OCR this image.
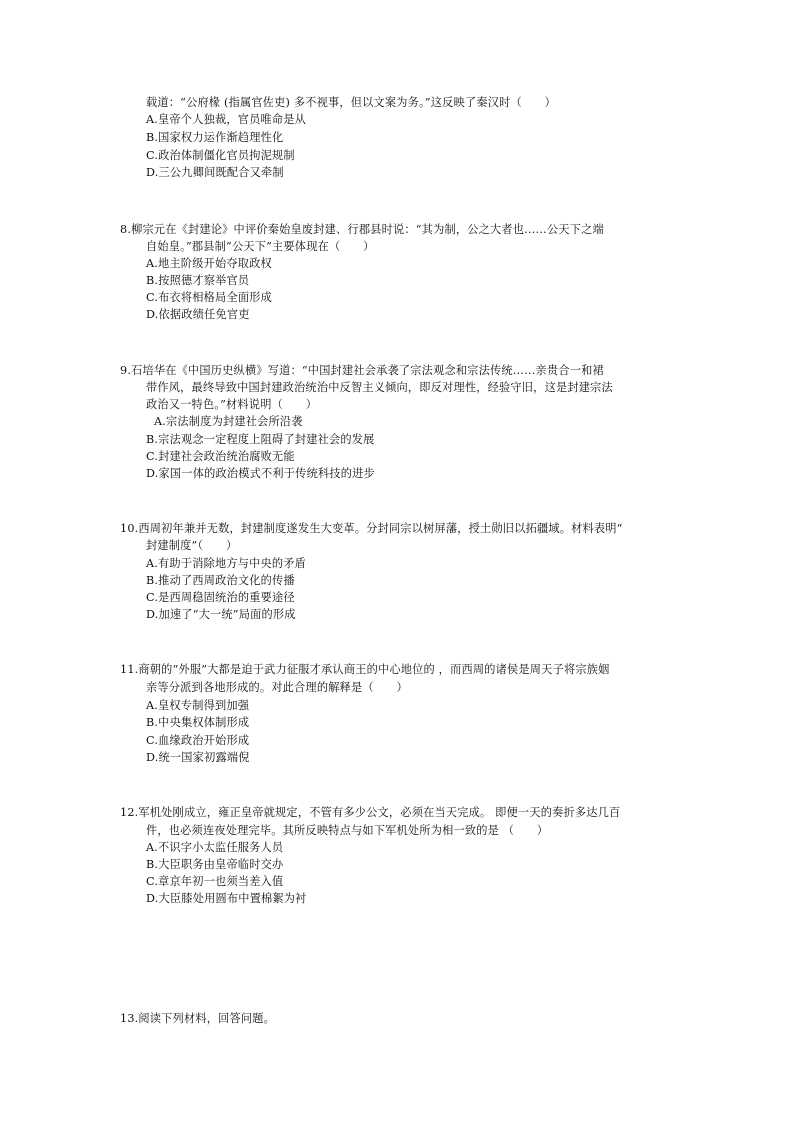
载道：“公府椽 (指属官佐吏) 多不视事，但以文案为务。”这反映了秦汉时（　　）
A.皇帝个人独裁，官员唯命是从
B.国家权力运作渐趋理性化
C.政治体制僵化官员拘泥规制
D.三公九卿间既配合又牵制
8.柳宗元在《封建论》中评价秦始皇废封建、行郡县时说：“其为制，公之大者也……公天下之端
自始皇。”郡县制“公天下”主要体现在（　　）
A.地主阶级开始夺取政权
B.按照德才察举官员
C.布衣将相格局全面形成
D.依据政绩任免官吏
9.石培华在《中国历史纵横》写道：“中国封建社会承袭了宗法观念和宗法传统……亲贵合一和裙
带作风，最终导致中国封建政治统治中反智主义倾向，即反对理性，经验守旧，这是封建宗法
政治又一特色。”材料说明（　　）
A.宗法制度为封建社会所沿袭
B.宗法观念一定程度上阻碍了封建社会的发展
C.封建社会政治统治腐败无能
D.家国一体的政治模式不利于传统科技的进步
10.西周初年兼并无数，封建制度遂发生大变革。分封同宗以树屏藩，授土勋旧以拓疆域。材料表明“
封建制度”（　　）
A.有助于消除地方与中央的矛盾
B.推动了西周政治文化的传播
C.是西周稳固统治的重要途径
D.加速了“大一统”局面的形成
11.商朝的“外服”大都是迫于武力征服才承认商王的中心地位的 ，而西周的诸侯是周天子将宗族姻
亲等分派到各地形成的。对此合理的解释是（　　）
A.皇权专制得到加强
B.中央集权体制形成
C.血缘政治开始形成
D.统一国家初露端倪
12.军机处刚成立，雍正皇帝就规定，不管有多少公文，必须在当天完成。 即便一天的奏折多达几百
件，也必须连夜处理完毕。其所反映特点与如下军机处所为相一致的是 （　　）
A.不识字小太监任服务人员
B.大臣职务由皇帝临时交办
C.章京年初一也须当差入值
D.大臣膝处用圆布中置棉絮为衬
13.阅读下列材料，回答问题。
